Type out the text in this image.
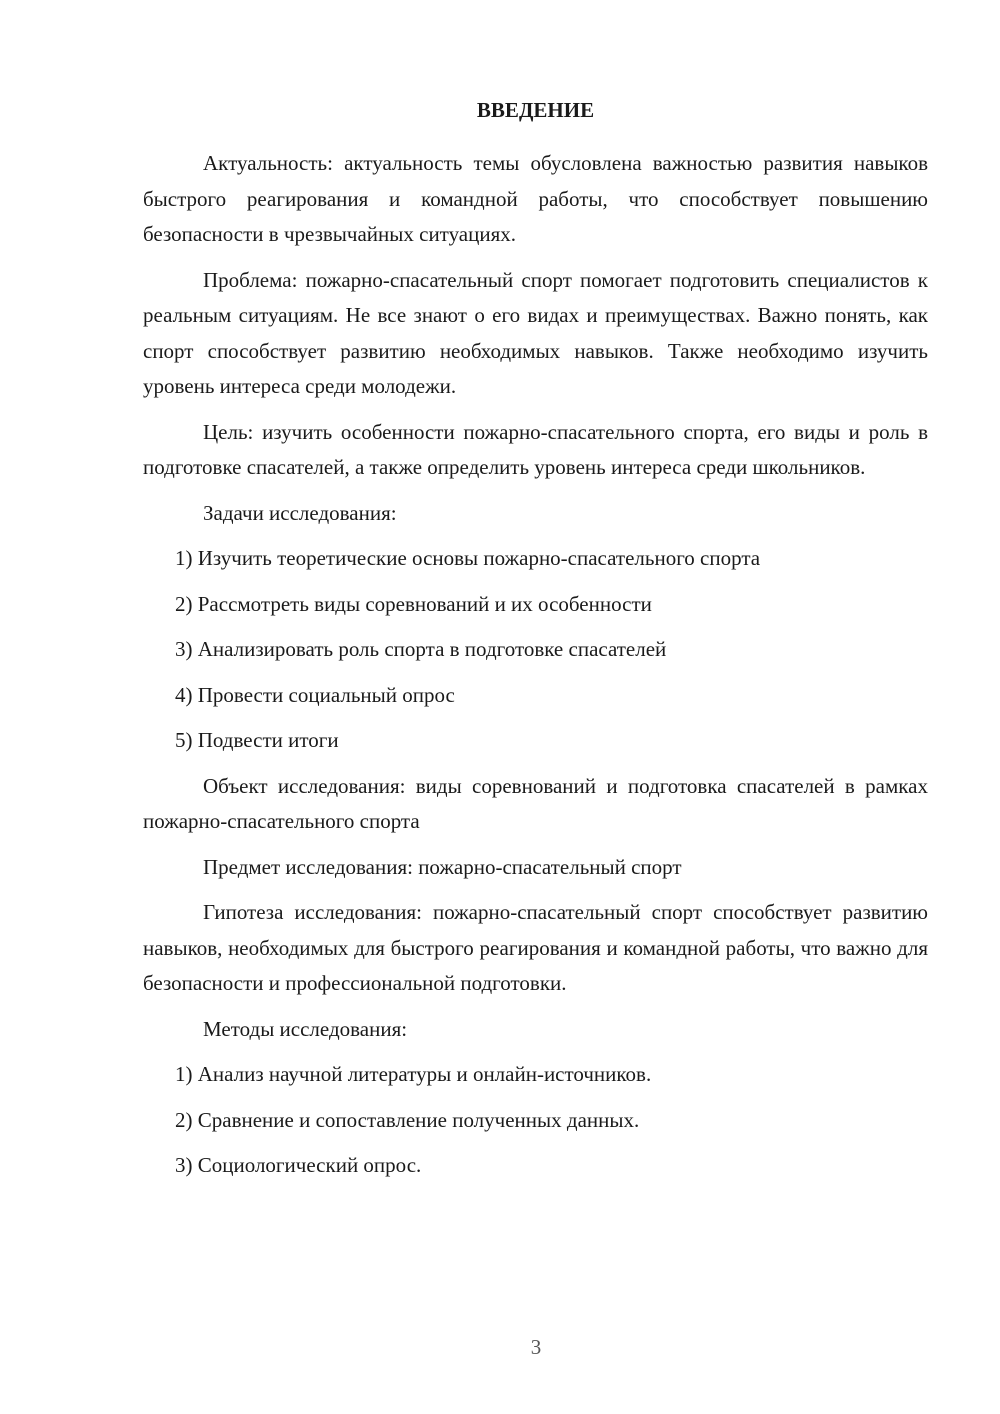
ВВЕДЕНИЕ

Актуальность: актуальность темы обусловлена важностью развития навыков быстрого реагирования и командной работы, что способствует повышению безопасности в чрезвычайных ситуациях.

Проблема: пожарно-спасательный спорт помогает подготовить специалистов к реальным ситуациям. Не все знают о его видах и преимуществах. Важно понять, как спорт способствует развитию необходимых навыков. Также необходимо изучить уровень интереса среди молодежи.

Цель: изучить особенности пожарно-спасательного спорта, его виды и роль в подготовке спасателей, а также определить уровень интереса среди школьников.

Задачи исследования:

1) Изучить теоретические основы пожарно-спасательного спорта
2) Рассмотреть виды соревнований и их особенности
3) Анализировать роль спорта в подготовке спасателей
4) Провести социальный опрос
5) Подвести итоги

Объект исследования: виды соревнований и подготовка спасателей в рамках пожарно-спасательного спорта

Предмет исследования: пожарно-спасательный спорт

Гипотеза исследования: пожарно-спасательный спорт способствует развитию навыков, необходимых для быстрого реагирования и командной работы, что важно для безопасности и профессиональной подготовки.

Методы исследования:

1) Анализ научной литературы и онлайн-источников.
2) Сравнение и сопоставление полученных данных.
3) Социологический опрос.
3
